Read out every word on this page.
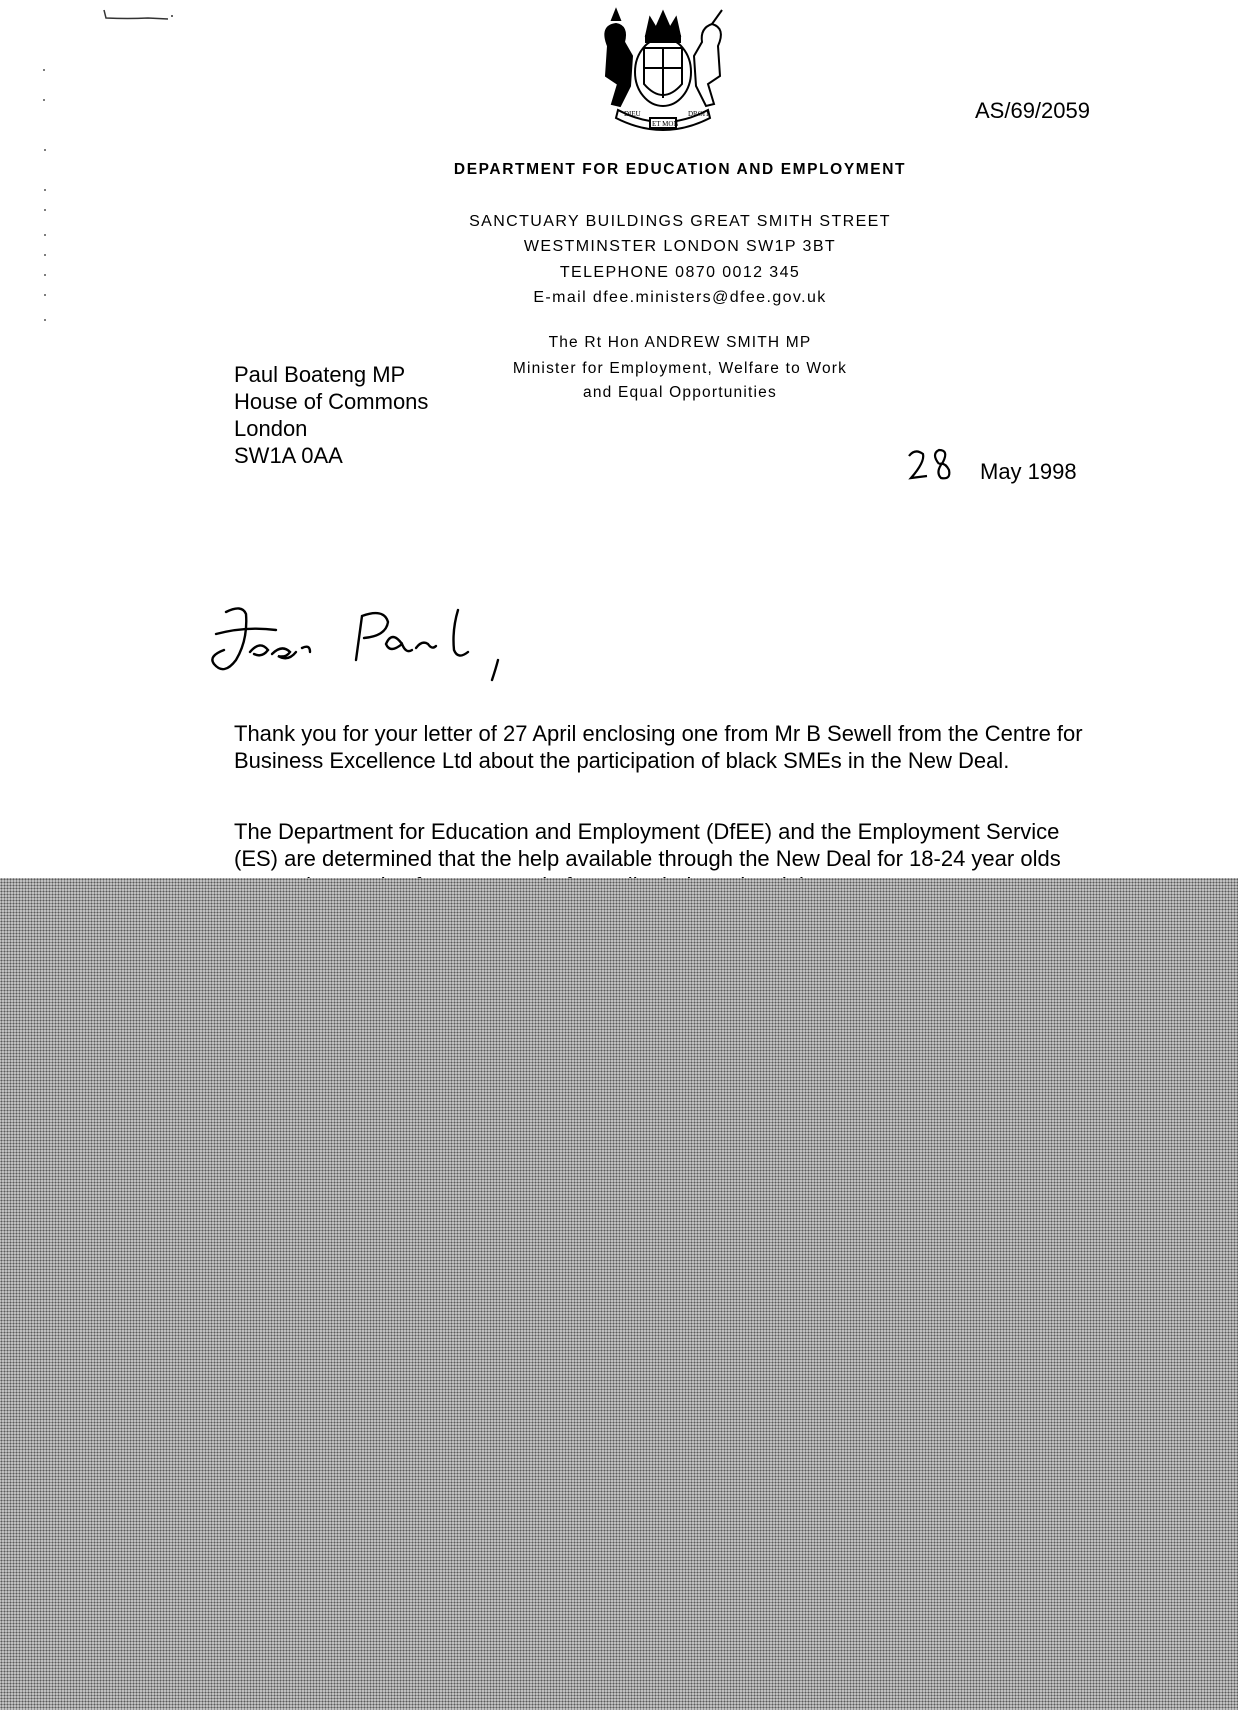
DIEU
ET MON
DROIT	AS/69/2059
DEPARTMENT FOR EDUCATION AND EMPLOYMENT
SANCTUARY BUILDINGS GREAT SMITH STREET
WESTMINSTER LONDON SW1P 3BT
TELEPHONE 0870 0012 345
E-mail dfee.ministers@dfee.gov.uk
The Rt Hon ANDREW SMITH MP
Minister for Employment, Welfare to Work
and Equal Opportunities
Paul Boateng MP
House of Commons
London
SW1A 0AA
May 1998
Thank you for your letter of 27 April enclosing one from Mr B Sewell from the Centre for Business Excellence Ltd about the participation of black SMEs in the New Deal.
The Department for Education and Employment (DfEE) and the Employment Service (ES) are determined that the help available through the New Deal for 18-24 year olds
